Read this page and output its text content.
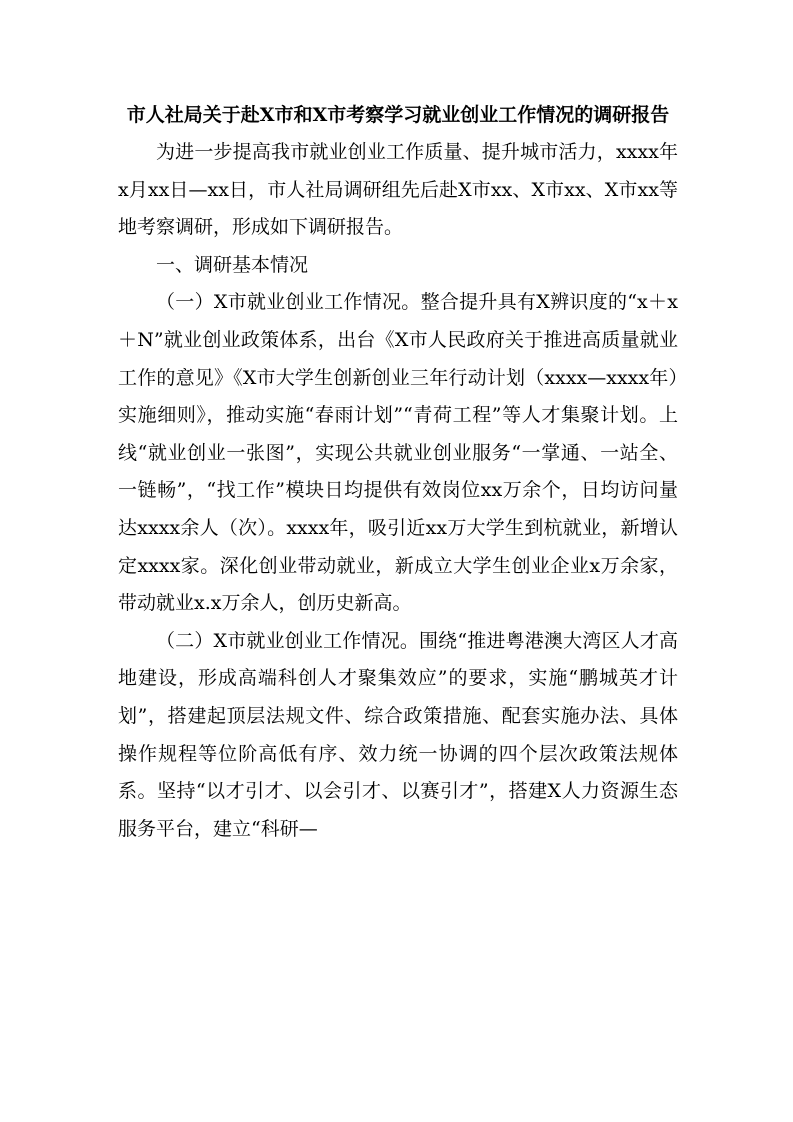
市人社局关于赴X市和X市考察学习就业创业工作情况的调研报告

为进一步提高我市就业创业工作质量、提升城市活力，xxxx年x月xx日—xx日，市人社局调研组先后赴X市xx、X市xx、X市xx等地考察调研，形成如下调研报告。

一、调研基本情况

（一）X市就业创业工作情况。整合提升具有X辨识度的“x＋x＋N”就业创业政策体系，出台《X市人民政府关于推进高质量就业工作的意见》《X市大学生创新创业三年行动计划（xxxx—xxxx年）实施细则》，推动实施“春雨计划”“青荷工程”等人才集聚计划。上线“就业创业一张图”，实现公共就业创业服务“一掌通、一站全、一链畅”，“找工作”模块日均提供有效岗位xx万余个，日均访问量达xxxx余人（次）。xxxx年，吸引近xx万大学生到杭就业，新增认定xxxx家。深化创业带动就业，新成立大学生创业企业x万余家，带动就业x.x万余人，创历史新高。

（二）X市就业创业工作情况。围绕“推进粤港澳大湾区人才高地建设，形成高端科创人才聚集效应”的要求，实施“鹏城英才计划”，搭建起顶层法规文件、综合政策措施、配套实施办法、具体操作规程等位阶高低有序、效力统一协调的四个层次政策法规体系。坚持“以才引才、以会引才、以赛引才”，搭建X人力资源生态服务平台，建立“科研—
